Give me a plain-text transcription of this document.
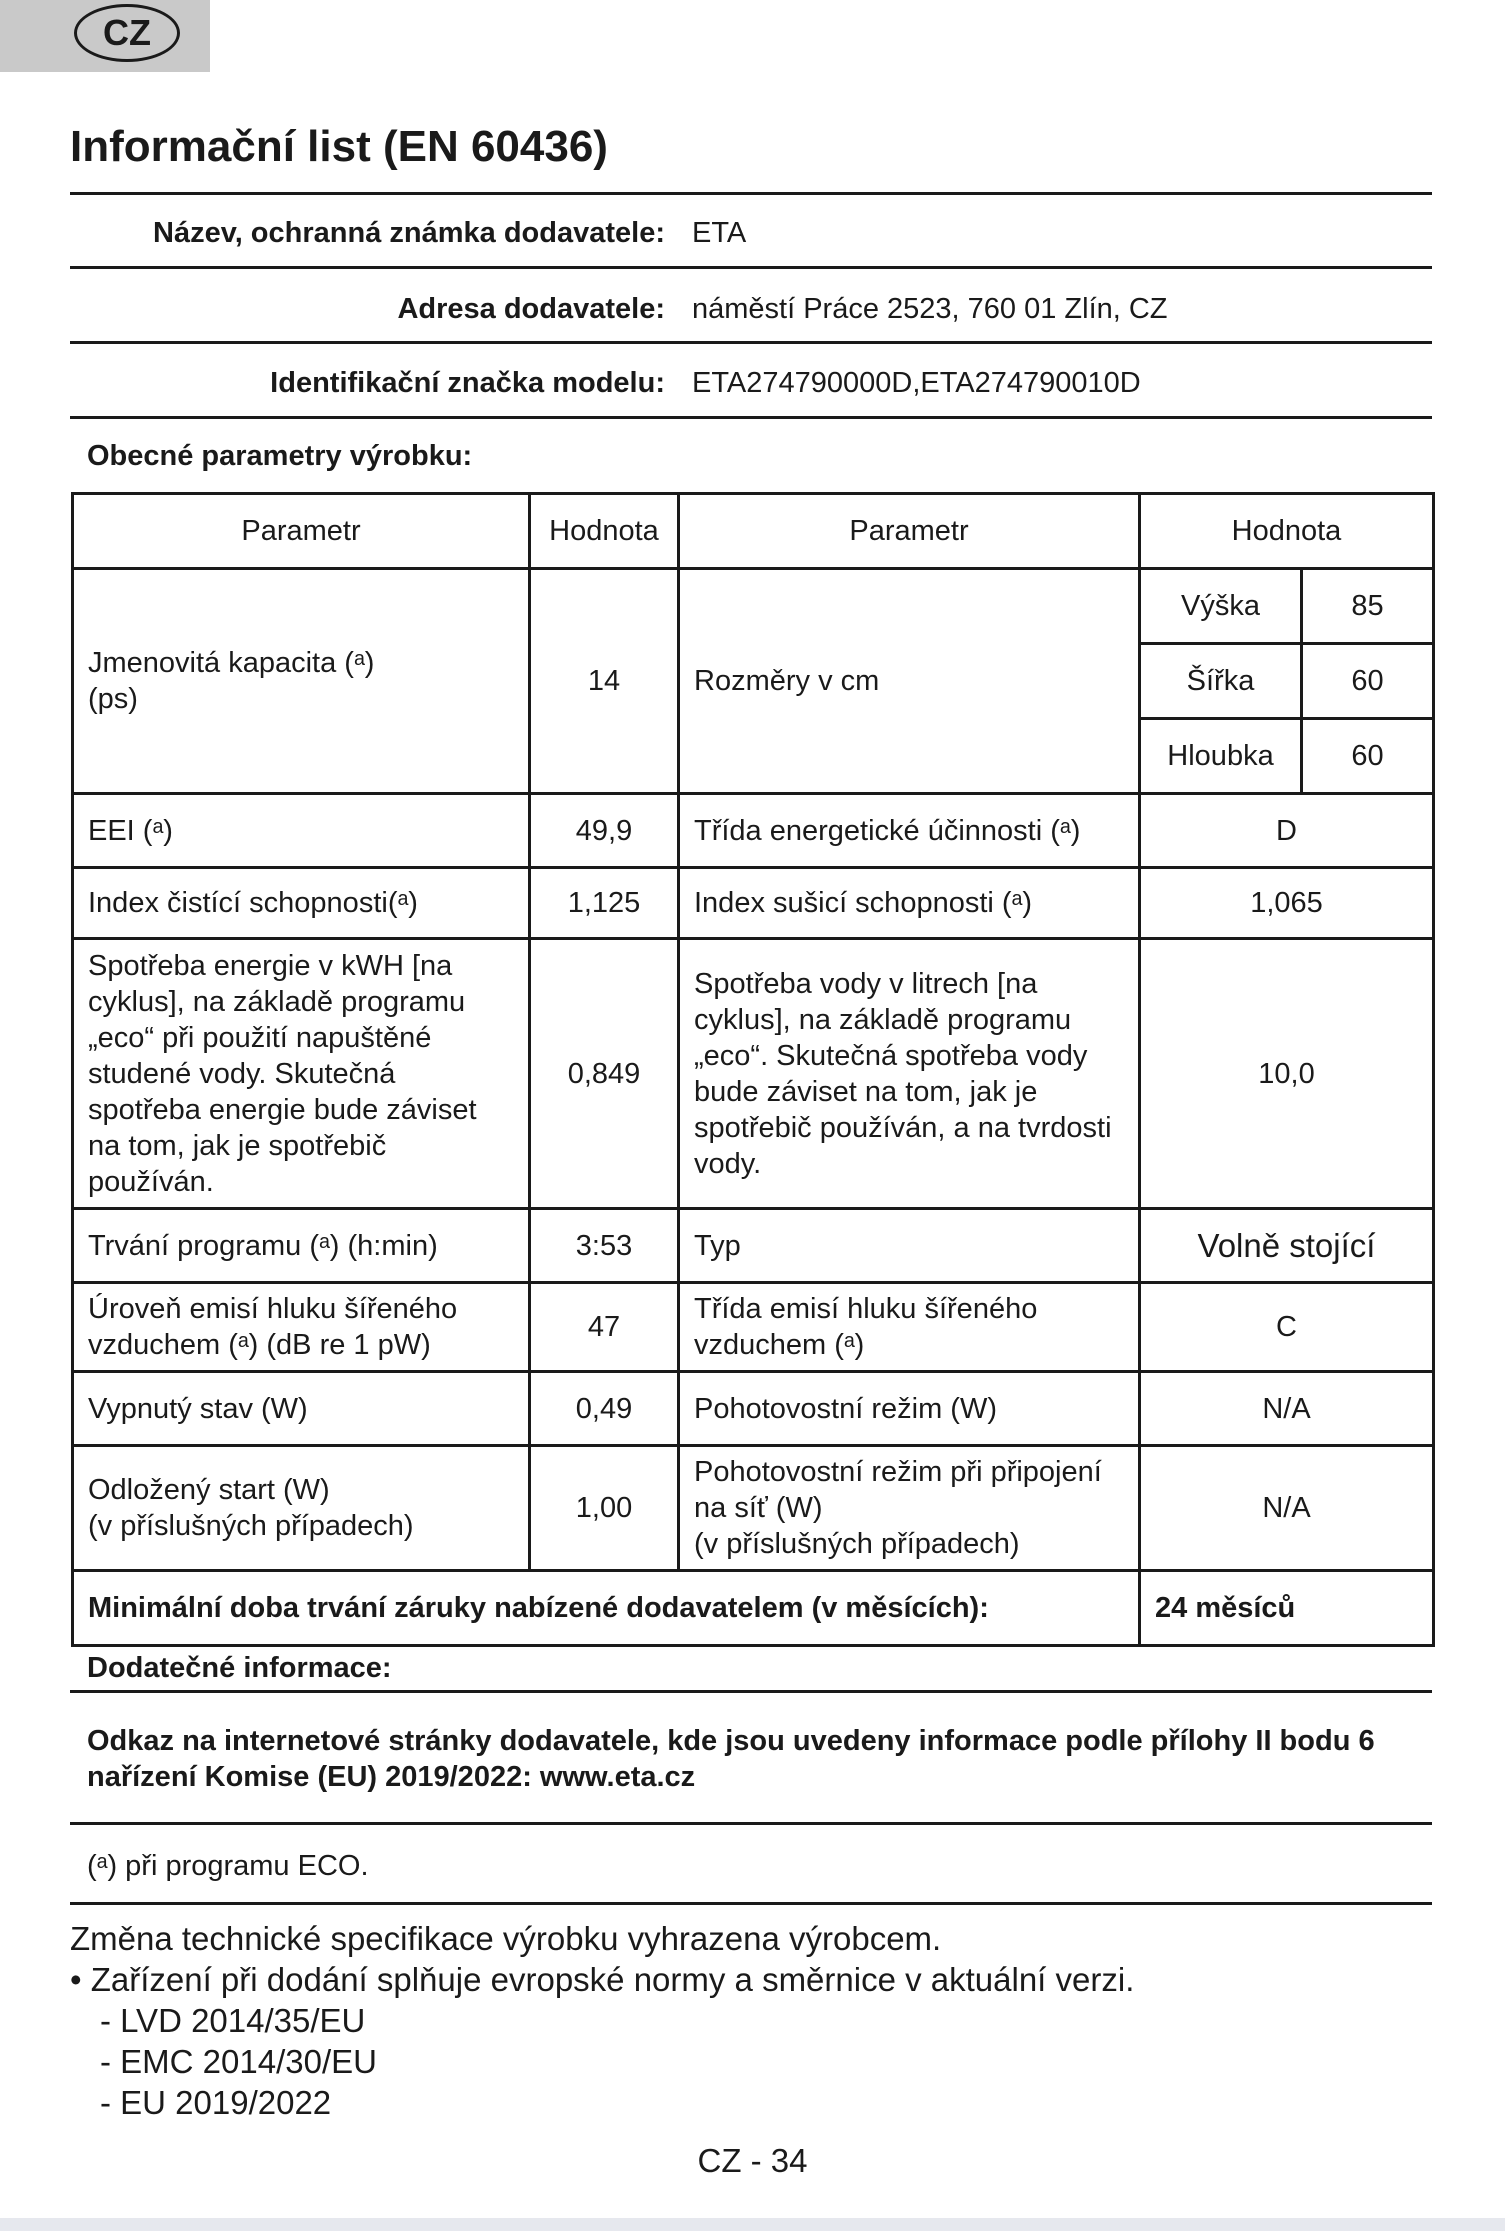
CZ
Informační list (EN 60436)
Název, ochranná známka dodavatele: ETA
Adresa dodavatele: náměstí Práce 2523, 760 01 Zlín, CZ
Identifikační značka modelu: ETA274790000D,ETA274790010D
Obecné parametry výrobku:
Parametr	Hodnota	Parametr	Hodnota	
Jmenovitá kapacita (ᵃ)
(ps)	14	Rozměry v cm	Výška	85
			Šířka	60
			Hloubka	60
EEI (ᵃ)	49,9	Třída energetické účinnosti (ᵃ)	D	
Index čistící schopnosti(ᵃ)	1,125	Index sušicí schopnosti (ᵃ)	1,065	
Spotřeba energie v kWH [na cyklus], na základě programu „eco“ při použití napuštěné studené vody. Skutečná spotřeba energie bude záviset na tom, jak je spotřebič používán.	0,849	Spotřeba vody v litrech [na cyklus], na základě programu „eco“. Skutečná spotřeba vody bude záviset na tom, jak je spotřebič používán, a na tvrdosti vody.	10,0	
Trvání programu (ᵃ) (h:min)	3:53	Typ	Volně stojící	
Úroveň emisí hluku šířeného vzduchem (ᵃ) (dB re 1 pW)	47	Třída emisí hluku šířeného vzduchem (ᵃ)	C	
Vypnutý stav (W)	0,49	Pohotovostní režim (W)	N/A	
Odložený start (W)
(v příslušných případech)	1,00	Pohotovostní režim při připojení na síť (W)
(v příslušných případech)	N/A	
Minimální doba trvání záruky nabízené dodavatelem (v měsících):			24 měsíců	
Dodatečné informace:
Odkaz na internetové stránky dodavatele, kde jsou uvedeny informace podle přílohy II bodu 6 nařízení Komise (EU) 2019/2022: www.eta.cz
(ᵃ) při programu ECO.
Změna technické specifikace výrobku vyhrazena výrobcem.
• Zařízení při dodání splňuje evropské normy a směrnice v aktuální verzi.
- LVD 2014/35/EU
- EMC 2014/30/EU
- EU 2019/2022
CZ - 34
